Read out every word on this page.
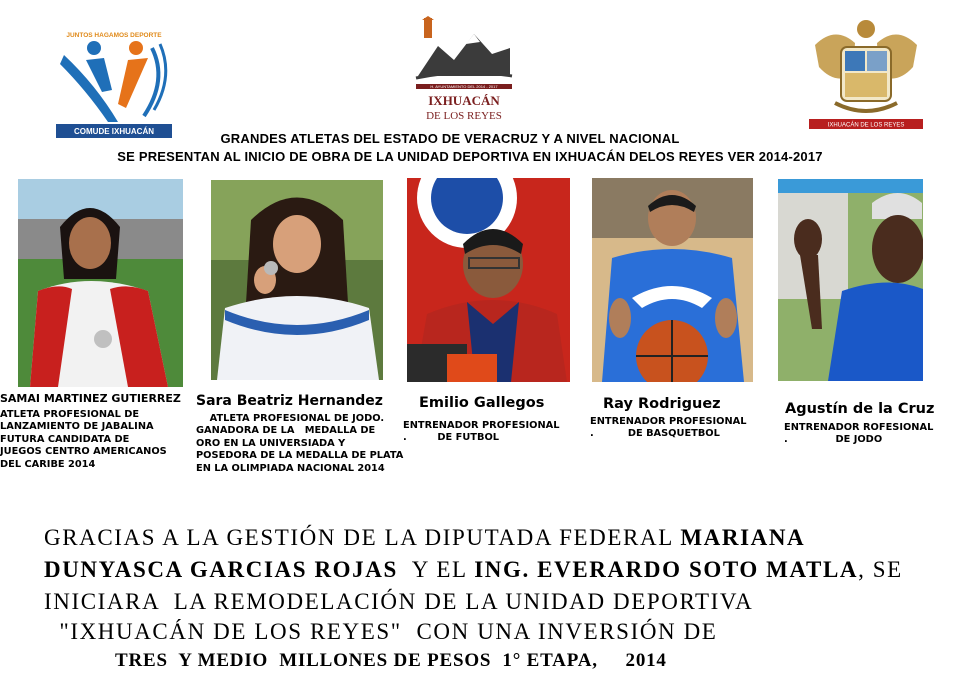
JUNTOS HAGAMOS DEPORTE
COMUDE IXHUACÁN
H. AYUNTAMIENTO DEL 2014 - 2017
IXHUACÁN
DE LOS REYES
IXHUACÁN DE LOS REYES
GRANDES ATLETAS DEL ESTADO DE VERACRUZ Y A NIVEL NACIONAL
SE PRESENTAN AL INICIO DE OBRA DE LA UNIDAD DEPORTIVA EN IXHUACÁN DELOS REYES VER 2014-2017
SAMAI MARTINEZ GUTIERREZ
ATLETA PROFESIONAL DE
LANZAMIENTO DE JABALINA
FUTURA CANDIDATA DE
JUEGOS CENTRO AMERICANOS
DEL CARIBE 2014
Sara Beatriz Hernandez
ATLETA PROFESIONAL DE JODO.
GANADORA DE LA   MEDALLA DE
ORO EN LA UNIVERSIADA Y
POSEDORA DE LA MEDALLA DE PLATA
EN LA OLIMPIADA NACIONAL 2014
Emilio Gallegos
ENTRENADOR PROFESIONAL
.         DE FUTBOL
Ray Rodriguez
ENTRENADOR PROFESIONAL
.          DE BASQUETBOL
Agustín de la Cruz
ENTRENADOR ROFESIONAL
.              DE JODO
GRACIAS A LA GESTIÓN DE LA DIPUTADA FEDERAL MARIANA
DUNYASCA GARCIAS ROJAS  Y EL ING. EVERARDO SOTO MATLA, SE
INICIARA  LA REMODELACIÓN DE LA UNIDAD DEPORTIVA
"IXHUACÁN DE LOS REYES"  CON UNA INVERSIÓN DE
TRES  Y MEDIO  MILLONES DE PESOS  1° ETAPA,     2014
